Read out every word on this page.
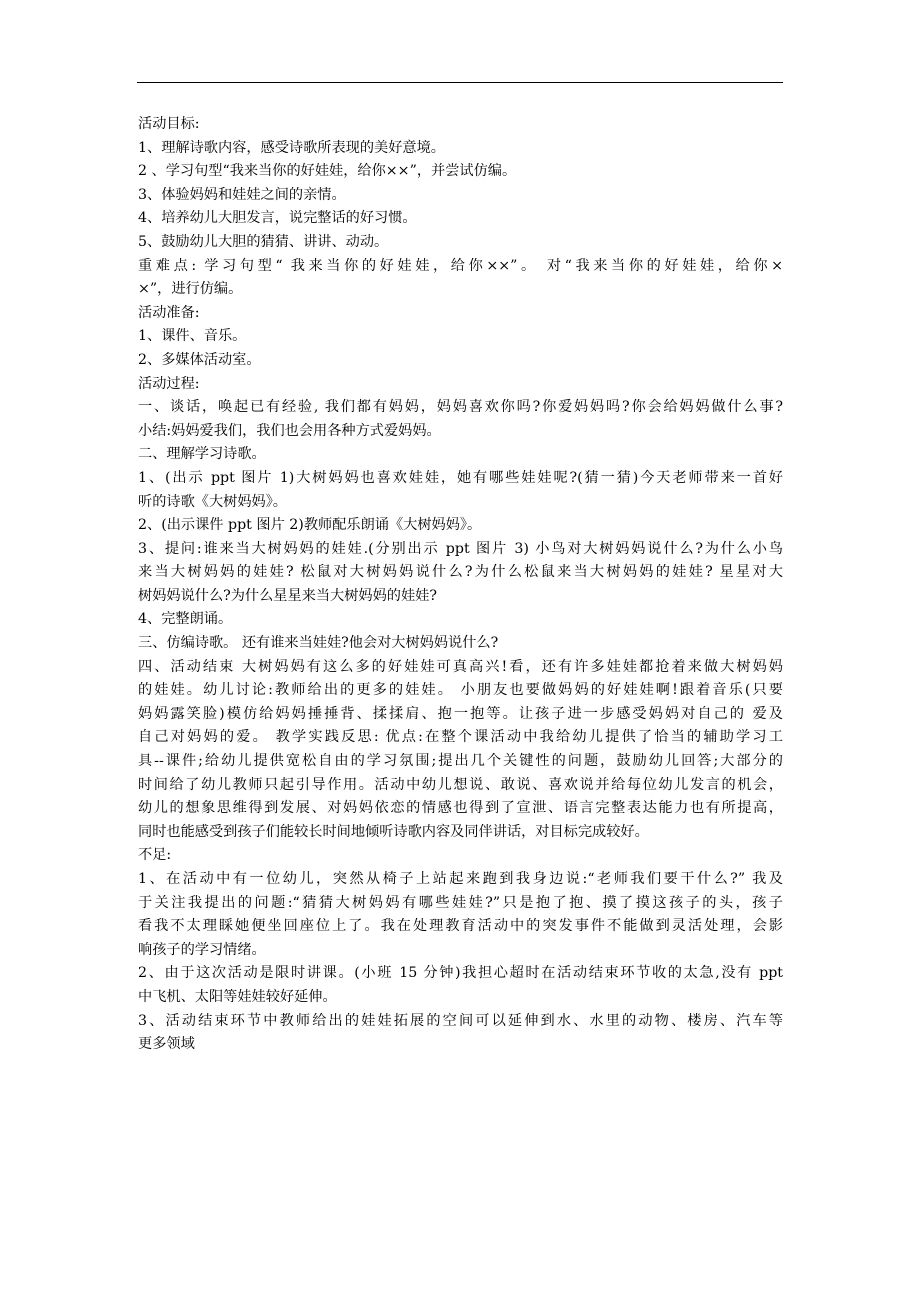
活动目标:
1、理解诗歌内容，感受诗歌所表现的美好意境。
2 、学习句型“我来当你的好娃娃，给你××”，并尝试仿编。
3、体验妈妈和娃娃之间的亲情。
4、培养幼儿大胆发言，说完整话的好习惯。
5、鼓励幼儿大胆的猜猜、讲讲、动动。
重难点: 学习句型“ 我来当你的好娃娃，给你××”。 对“我来当你的好娃娃，给你×
×”，进行仿编。
活动准备:
1、课件、音乐。
2、多媒体活动室。
活动过程:
一、谈话，唤起已有经验, 我们都有妈妈，妈妈喜欢你吗?你爱妈妈吗?你会给妈妈做什么事?
小结:妈妈爱我们，我们也会用各种方式爱妈妈。
二、理解学习诗歌。
1、(出示 ppt 图片 1)大树妈妈也喜欢娃娃，她有哪些娃娃呢?(猜一猜)今天老师带来一首好
听的诗歌《大树妈妈》。
2、(出示课件 ppt 图片 2)教师配乐朗诵《大树妈妈》。
3、提问:谁来当大树妈妈的娃娃.(分别出示 ppt 图片 3) 小鸟对大树妈妈说什么?为什么小鸟
来当大树妈妈的娃娃? 松鼠对大树妈妈说什么?为什么松鼠来当大树妈妈的娃娃? 星星对大
树妈妈说什么?为什么星星来当大树妈妈的娃娃?
4、完整朗诵。
三、仿编诗歌。 还有谁来当娃娃?他会对大树妈妈说什么?
四、活动结束 大树妈妈有这么多的好娃娃可真高兴!看，还有许多娃娃都抢着来做大树妈妈
的娃娃。幼儿讨论:教师给出的更多的娃娃。 小朋友也要做妈妈的好娃娃啊!跟着音乐(只要
妈妈露笑脸)模仿给妈妈捶捶背、揉揉肩、抱一抱等。让孩子进一步感受妈妈对自己的 爱及
自己对妈妈的爱。 教学实践反思: 优点:在整个课活动中我给幼儿提供了恰当的辅助学习工
具--课件;给幼儿提供宽松自由的学习氛围;提出几个关键性的问题，鼓励幼儿回答;大部分的
时间给了幼儿教师只起引导作用。活动中幼儿想说、敢说、喜欢说并给每位幼儿发言的机会，
幼儿的想象思维得到发展、对妈妈依恋的情感也得到了宣泄、语言完整表达能力也有所提高，
同时也能感受到孩子们能较长时间地倾听诗歌内容及同伴讲话，对目标完成较好。
不足:
1、在活动中有一位幼儿，突然从椅子上站起来跑到我身边说:“老师我们要干什么?” 我及
于关注我提出的问题:“猜猜大树妈妈有哪些娃娃?”只是抱了抱、摸了摸这孩子的头，孩子
看我不太理睬她便坐回座位上了。我在处理教育活动中的突发事件不能做到灵活处理，会影
响孩子的学习情绪。
2、由于这次活动是限时讲课。(小班 15 分钟)我担心超时在活动结束环节收的太急,没有 ppt
中飞机、太阳等娃娃较好延伸。
3、活动结束环节中教师给出的娃娃拓展的空间可以延伸到水、水里的动物、楼房、汽车等
更多领域
